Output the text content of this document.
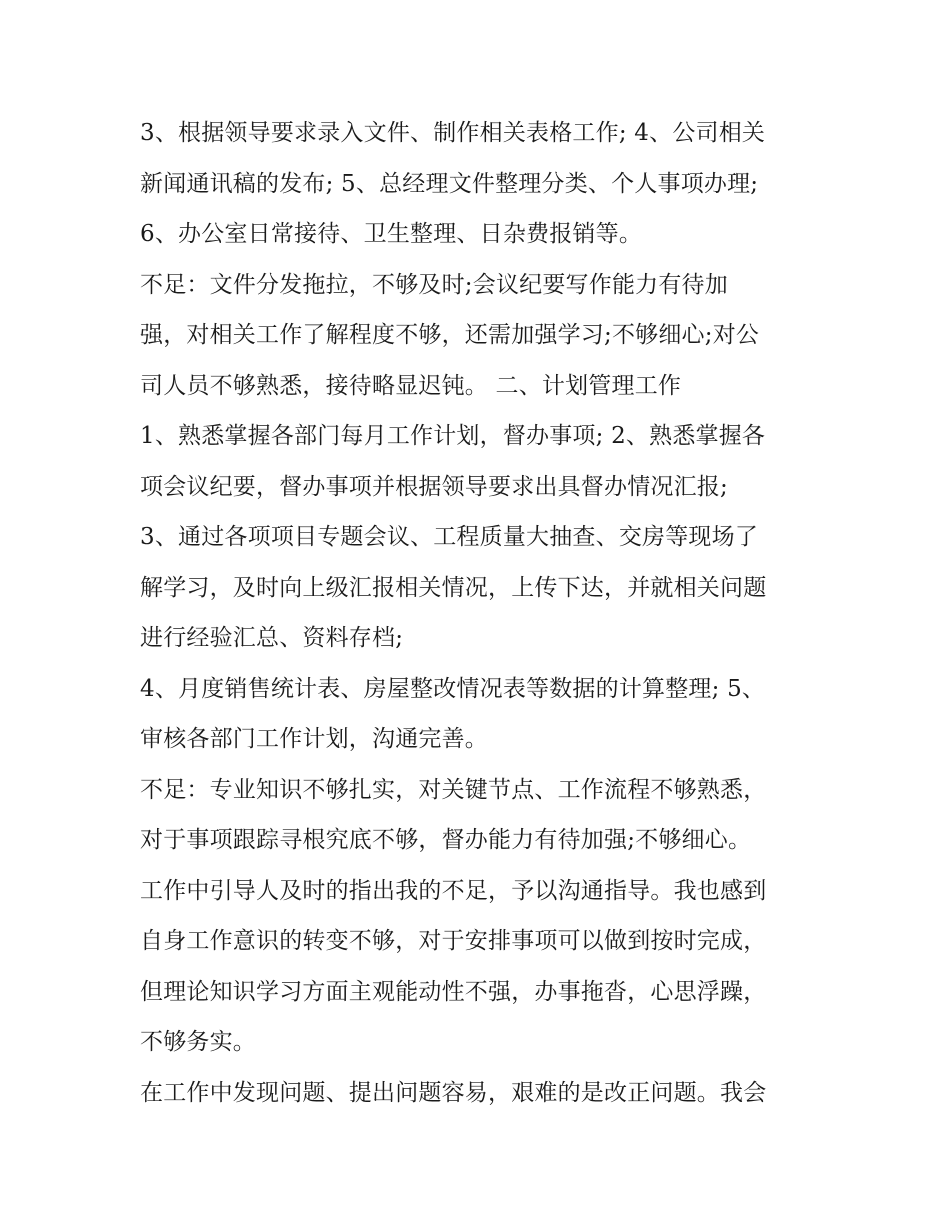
3、根据领导要求录入文件、制作相关表格工作; 4、公司相关
新闻通讯稿的发布; 5、总经理文件整理分类、个人事项办理;
6、办公室日常接待、卫生整理、日杂费报销等。
不足：文件分发拖拉，不够及时;会议纪要写作能力有待加
强，对相关工作了解程度不够，还需加强学习;不够细心;对公
司人员不够熟悉，接待略显迟钝。 二、计划管理工作
1、熟悉掌握各部门每月工作计划，督办事项; 2、熟悉掌握各
项会议纪要，督办事项并根据领导要求出具督办情况汇报;
3、通过各项项目专题会议、工程质量大抽查、交房等现场了
解学习，及时向上级汇报相关情况，上传下达，并就相关问题
进行经验汇总、资料存档;
4、月度销售统计表、房屋整改情况表等数据的计算整理; 5、
审核各部门工作计划，沟通完善。
不足：专业知识不够扎实，对关键节点、工作流程不够熟悉，
对于事项跟踪寻根究底不够，督办能力有待加强;不够细心。
工作中引导人及时的指出我的不足，予以沟通指导。我也感到
自身工作意识的转变不够，对于安排事项可以做到按时完成，
但理论知识学习方面主观能动性不强，办事拖沓，心思浮躁，
不够务实。
在工作中发现问题、提出问题容易，艰难的是改正问题。我会
